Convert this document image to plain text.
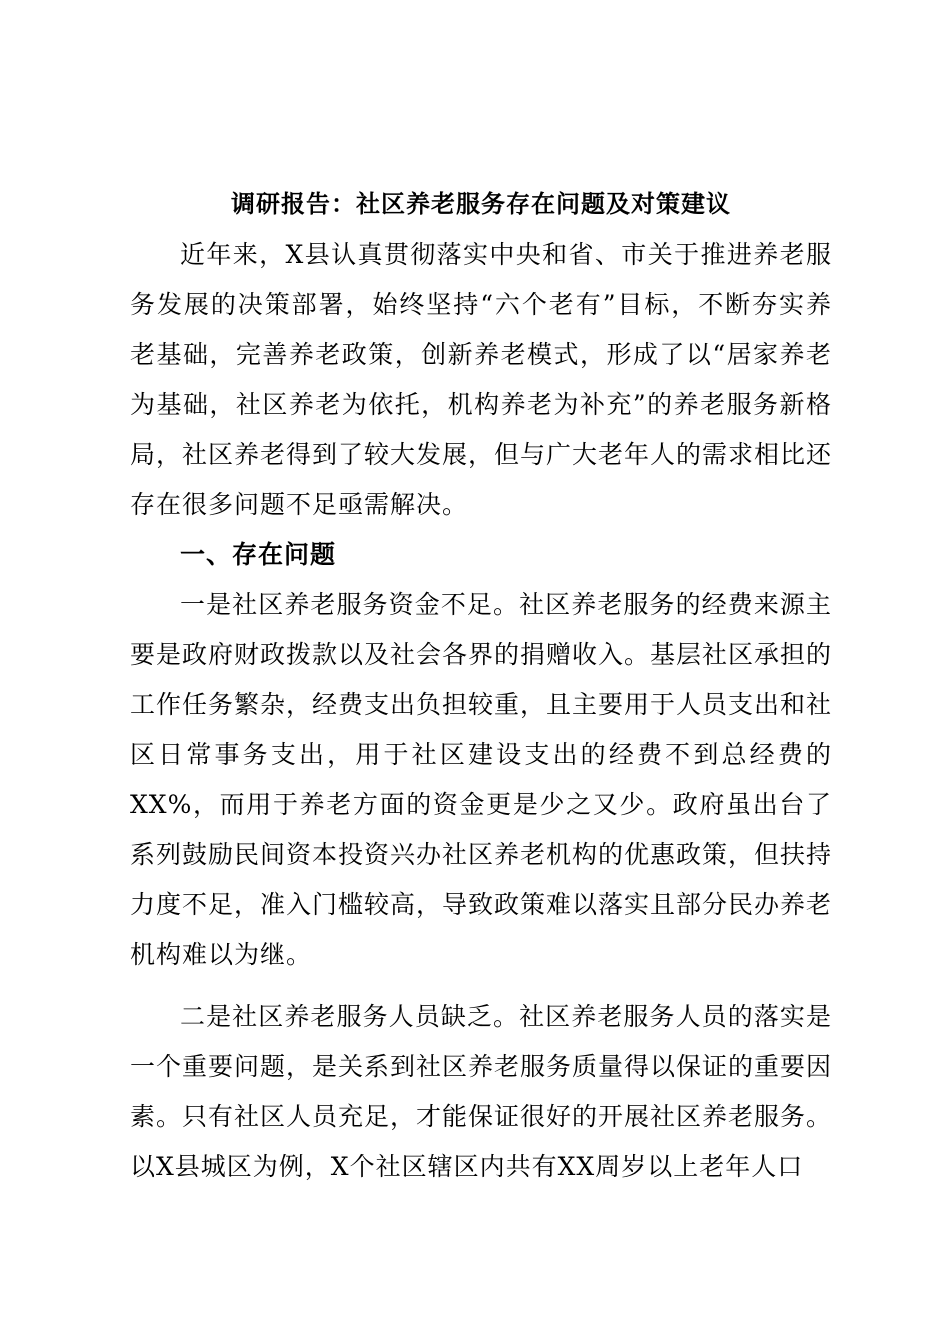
调研报告：社区养老服务存在问题及对策建议

近年来，X县认真贯彻落实中央和省、市关于推进养老服务发展的决策部署，始终坚持“六个老有”目标，不断夯实养老基础，完善养老政策，创新养老模式，形成了以“居家养老为基础，社区养老为依托，机构养老为补充”的养老服务新格局，社区养老得到了较大发展，但与广大老年人的需求相比还存在很多问题不足亟需解决。

一、存在问题

一是社区养老服务资金不足。社区养老服务的经费来源主要是政府财政拨款以及社会各界的捐赠收入。基层社区承担的工作任务繁杂，经费支出负担较重，且主要用于人员支出和社区日常事务支出，用于社区建设支出的经费不到总经费的XX%，而用于养老方面的资金更是少之又少。政府虽出台了系列鼓励民间资本投资兴办社区养老机构的优惠政策，但扶持力度不足，准入门槛较高，导致政策难以落实且部分民办养老机构难以为继。

二是社区养老服务人员缺乏。社区养老服务人员的落实是一个重要问题，是关系到社区养老服务质量得以保证的重要因素。只有社区人员充足，才能保证很好的开展社区养老服务。以X县城区为例，X个社区辖区内共有XX周岁以上老年人口
